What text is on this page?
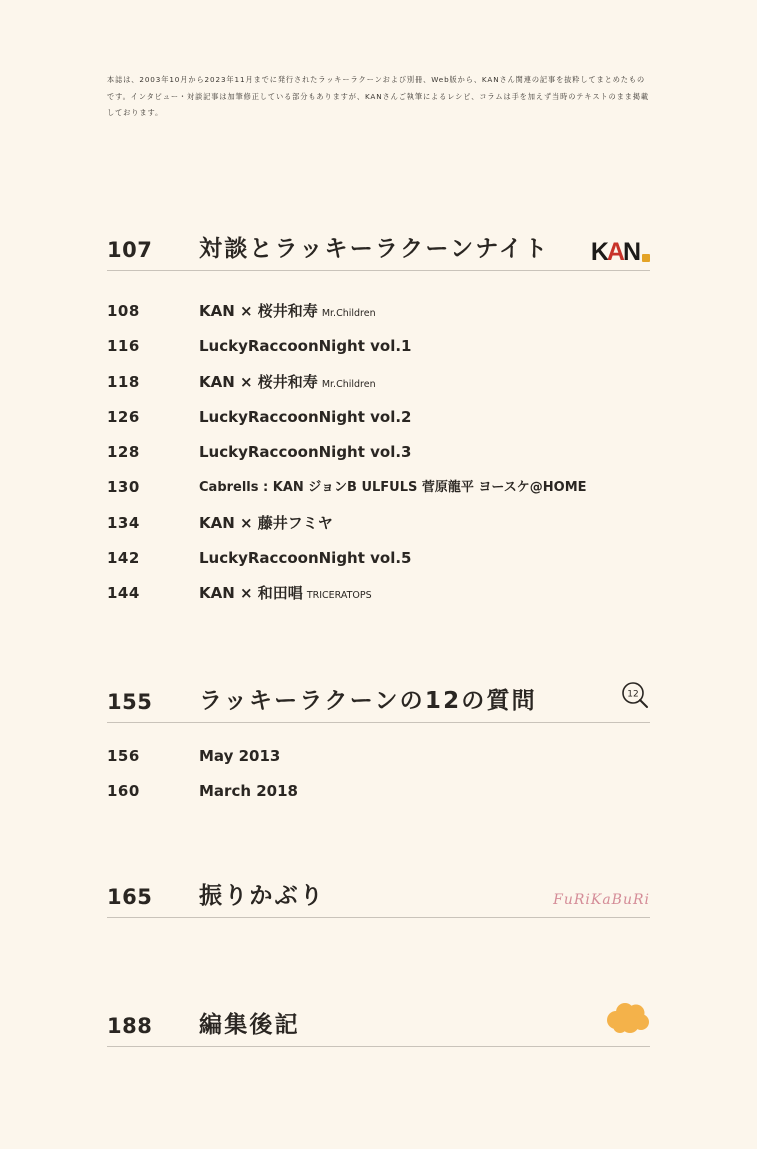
本誌は、2003年10月から2023年11月までに発行されたラッキーラクーンおよび別冊、Web版から、KANさん関連の記事を抜粋してまとめたものです。インタビュー・対談記事は加筆修正している部分もありますが、KANさんご執筆によるレシピ、コラムは手を加えず当時のテキストのまま掲載しております。

107 対談とラッキーラクーンナイト K A N
108	KAN × 桜井和寿 Mr.Children
116	LuckyRaccoonNight vol.1
118	KAN × 桜井和寿 Mr.Children
126	LuckyRaccoonNight vol.2
128	LuckyRaccoonNight vol.3
130	Cabrells : KAN ジョンB ULFULS 菅原龍平 ヨースケ@HOME
134	KAN × 藤井フミヤ
142	LuckyRaccoonNight vol.5
144	KAN × 和田唱 TRICERATOPS
155 ラッキーラクーンの12の質問	12
156	May 2013
160	March 2018
165 振りかぶり	FuRiKaBuRi
188 編集後記
